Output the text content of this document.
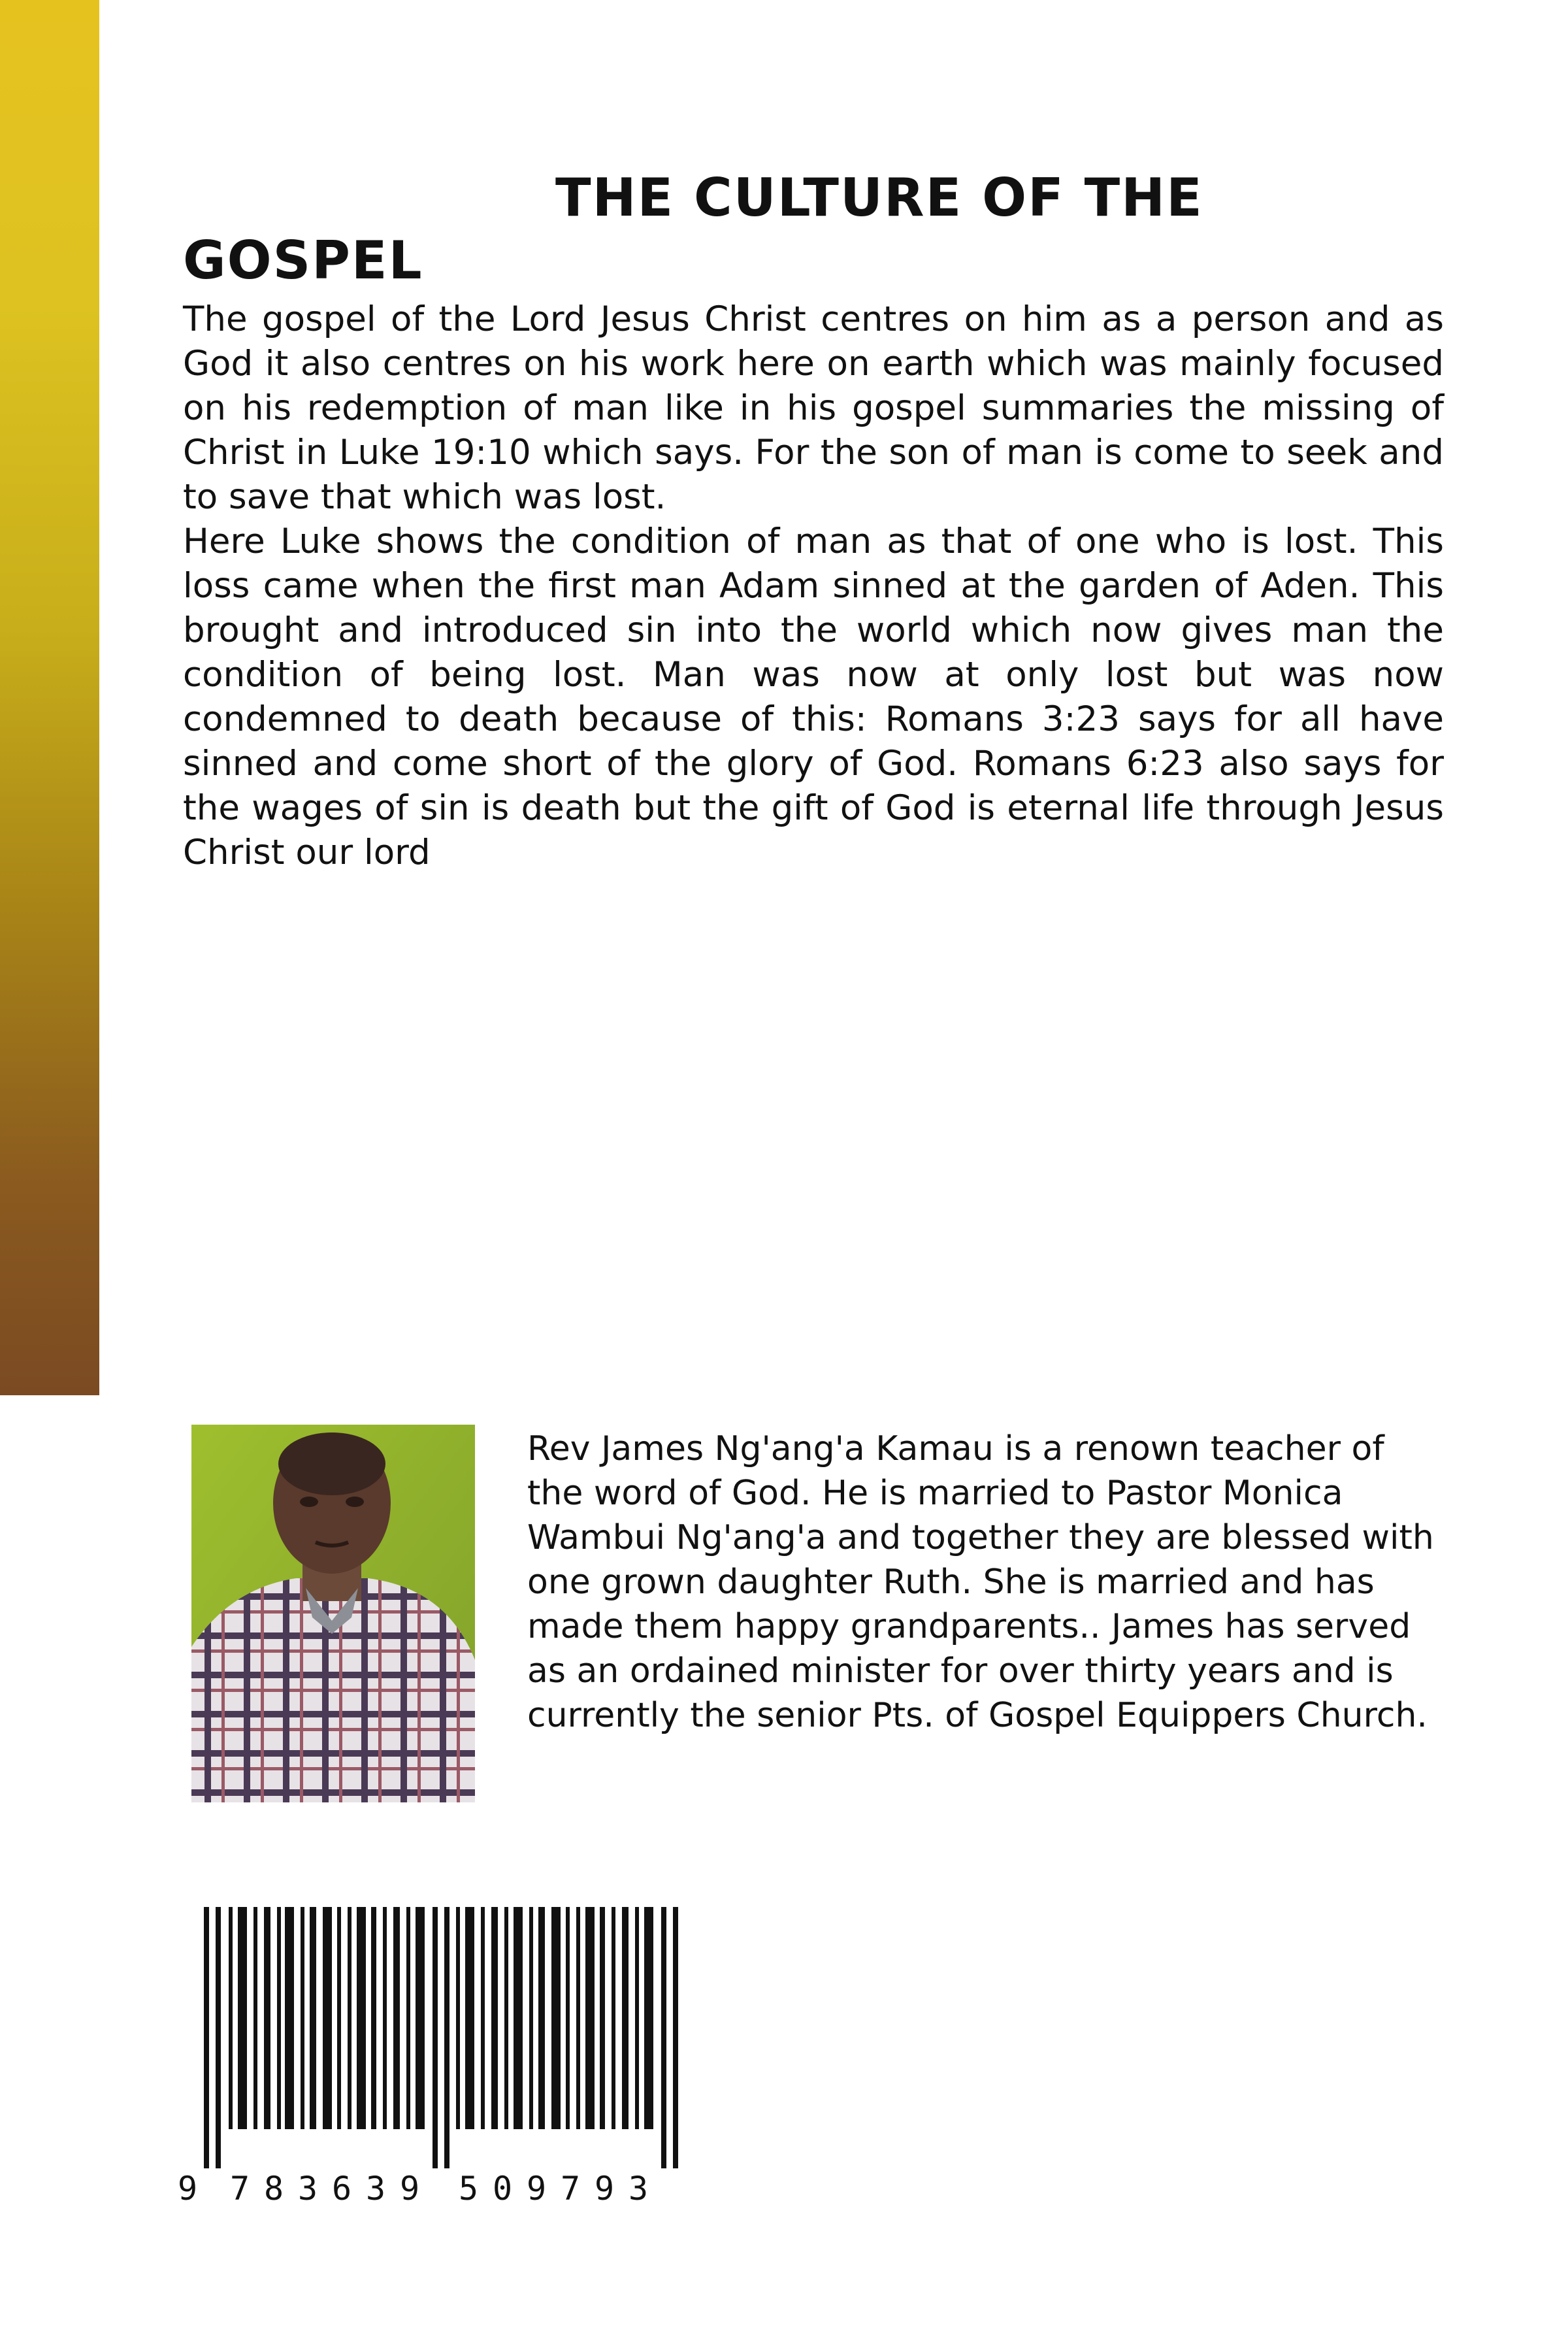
THE CULTURE OF THE
GOSPEL

The gospel of the Lord Jesus Christ centres on him as a person and as God it also centres on his work here on earth which was mainly focused on his redemption of man like in his gospel summaries the missing of Christ in Luke 19:10 which says. For the son of man is come to seek and to save that which was lost.

Here Luke shows the condition of man as that of one who is lost. This loss came when the first man Adam sinned at the garden of Aden. This brought and introduced sin into the world which now gives man the condition of being lost. Man was now at only lost but was now condemned to death because of this: Romans 3:23 says for all have sinned and come short of the glory of God. Romans 6:23 also says for the wages of sin is death but the gift of God is eternal life through Jesus Christ our lord

Rev James Ng'ang'a Kamau is a renown teacher of the word of God. He is married to Pastor Monica Wambui Ng'ang'a and together they are blessed with one grown daughter Ruth. She is married and has made them happy grandparents.. James has served as an ordained minister for over thirty years and is currently the senior Pts. of Gospel Equippers Church.

9 7 8 3 6 3 9 5 0 9 7 9 3
